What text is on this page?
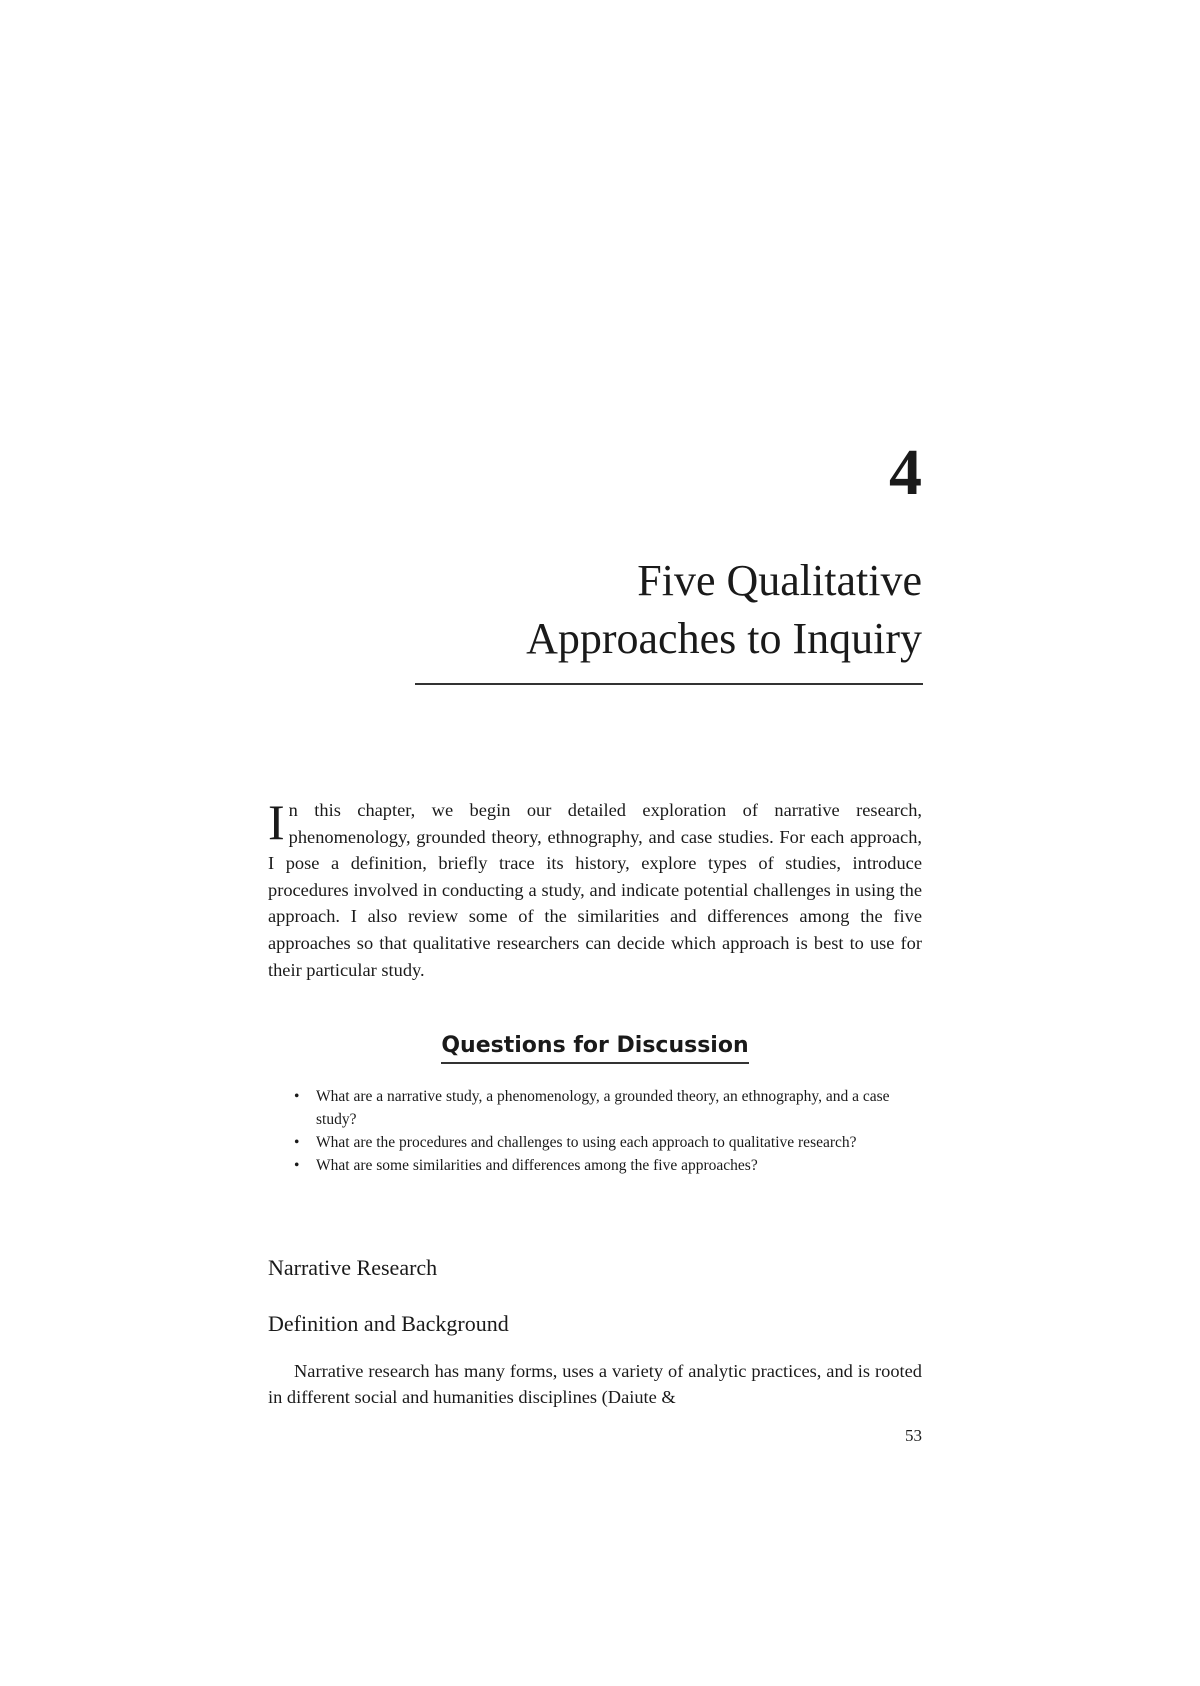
4
Five Qualitative
Approaches to Inquiry
In this chapter, we begin our detailed exploration of narrative research, phenomenology, grounded theory, ethnography, and case studies. For each approach, I pose a definition, briefly trace its history, explore types of studies, introduce procedures involved in conducting a study, and indicate potential challenges in using the approach. I also review some of the similarities and differences among the five approaches so that qualitative researchers can decide which approach is best to use for their particular study.
Questions for Discussion
• What are a narrative study, a phenomenology, a grounded theory, an ethnography, and a case study?
• What are the procedures and challenges to using each approach to qualitative research?
• What are some similarities and differences among the five approaches?
Narrative Research
Definition and Background
Narrative research has many forms, uses a variety of analytic practices, and is rooted in different social and humanities disciplines (Daiute &
53
